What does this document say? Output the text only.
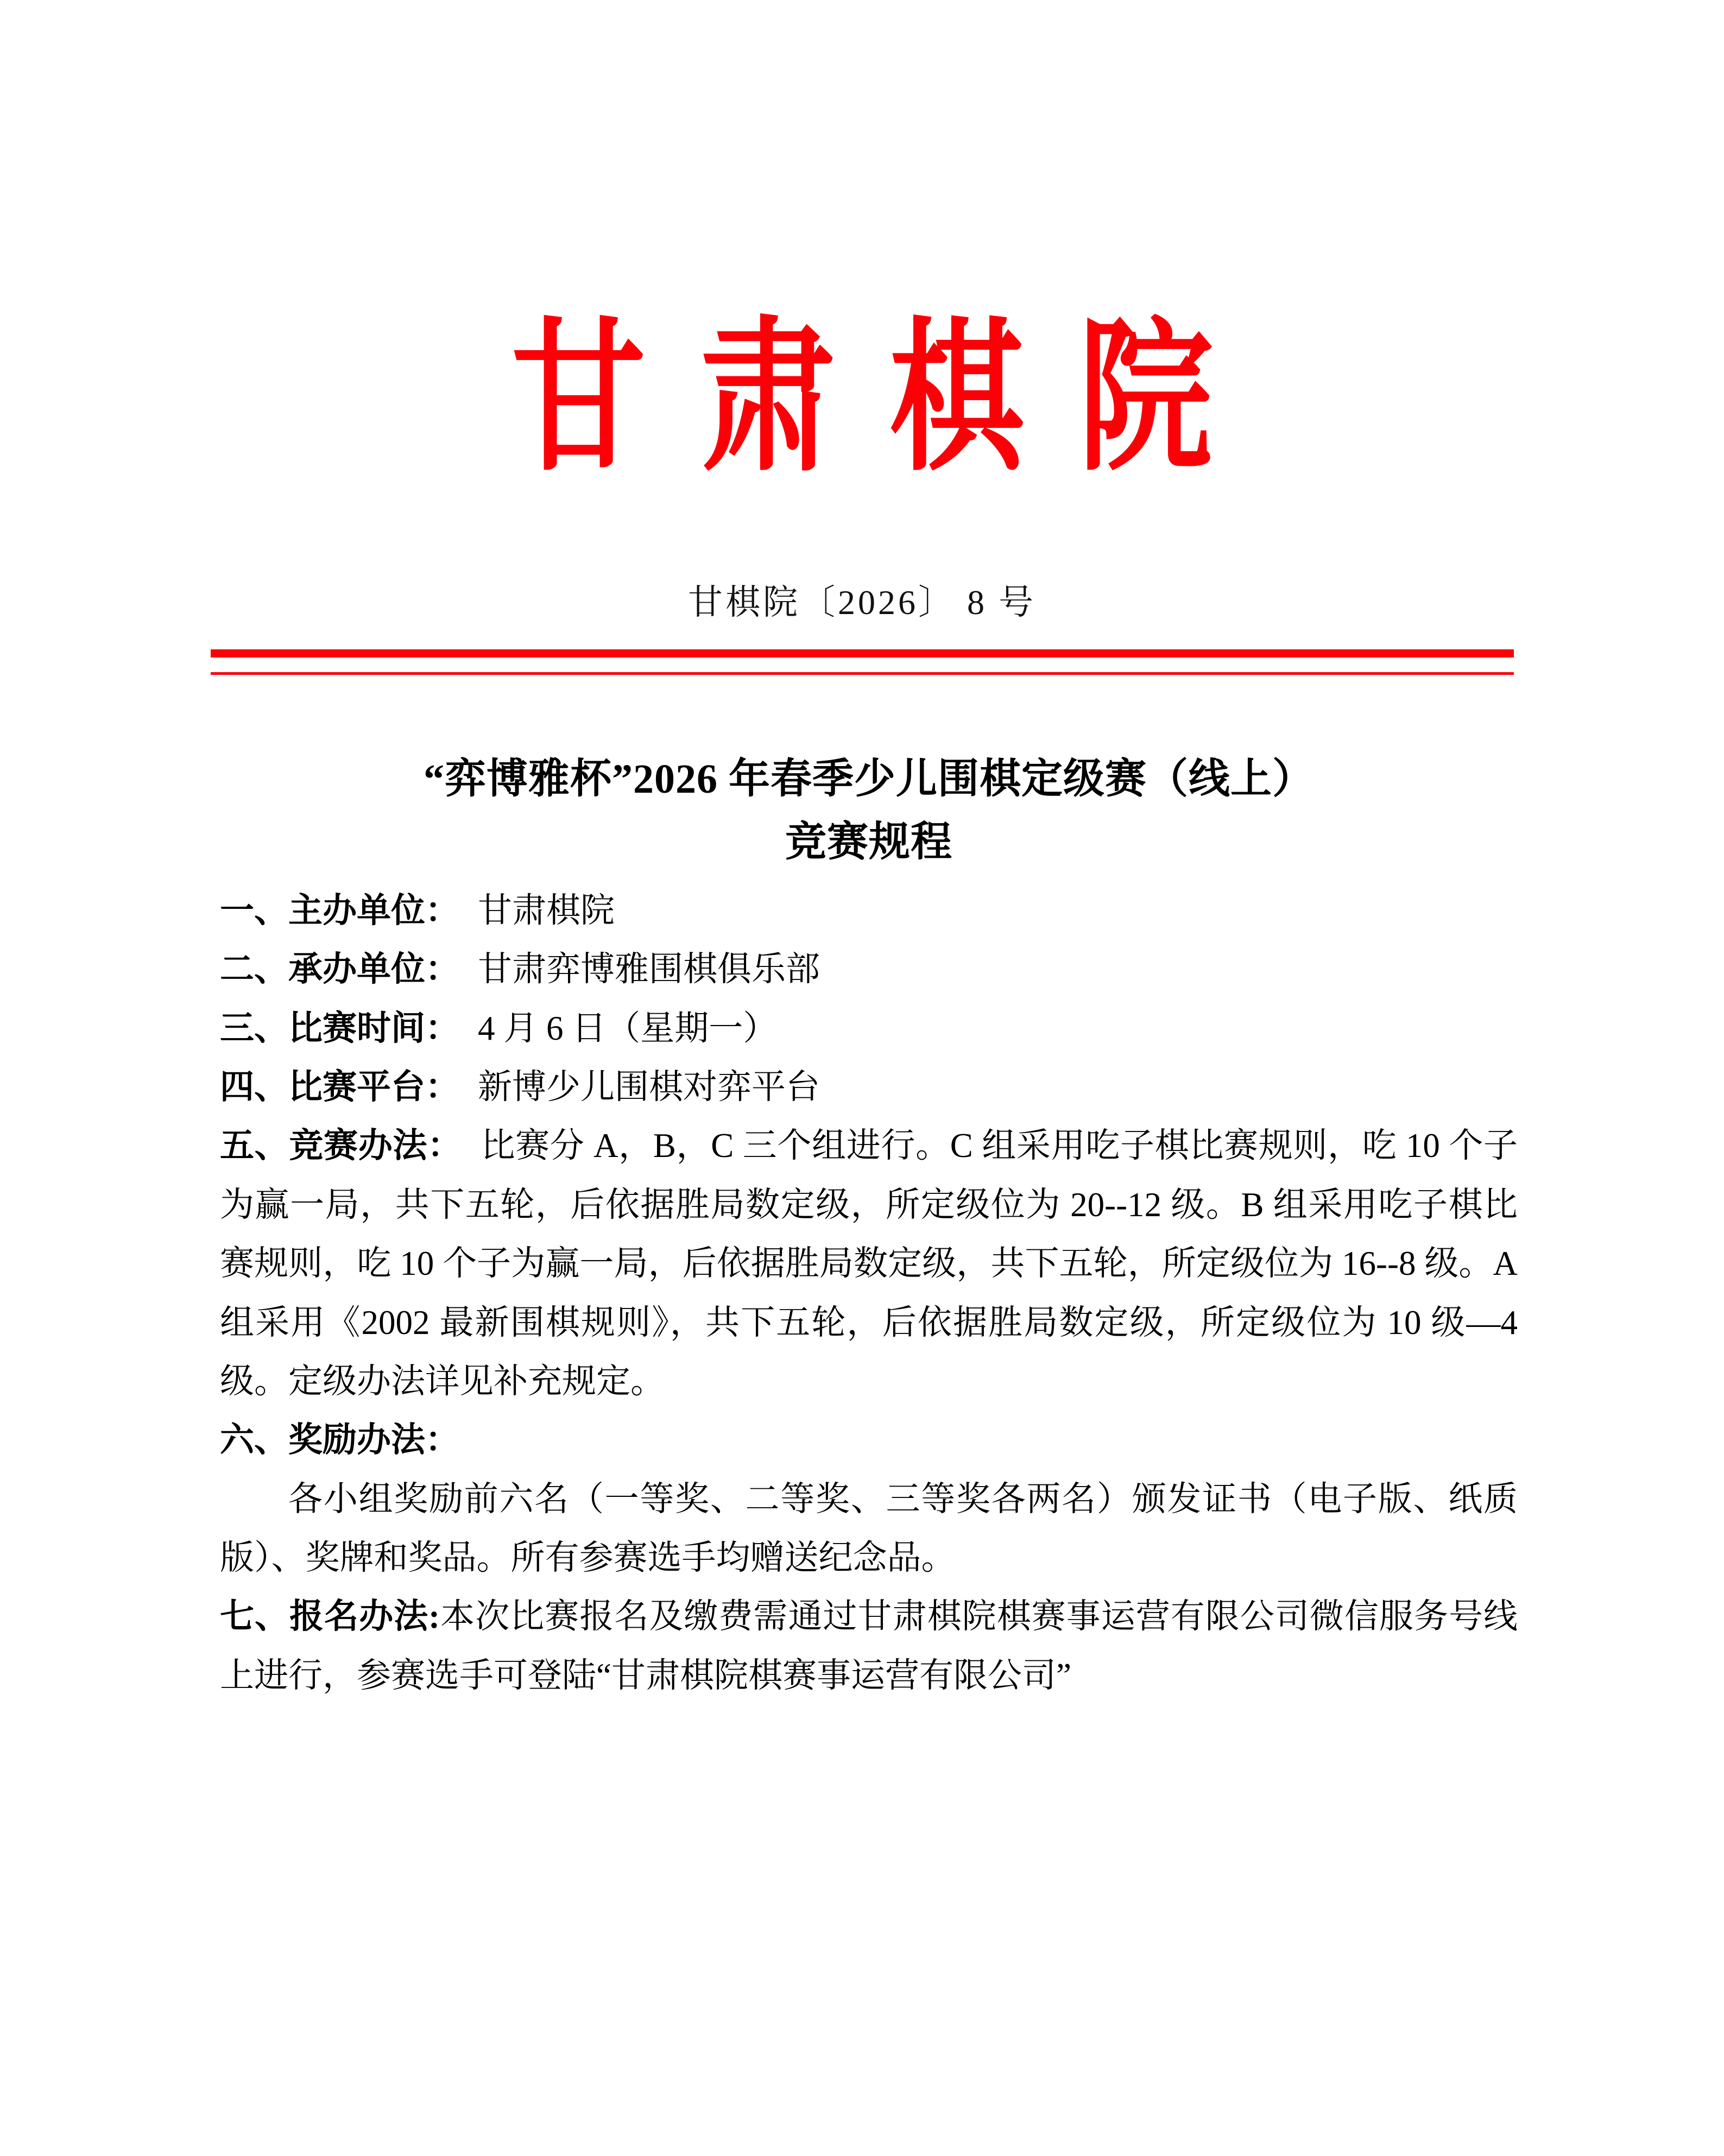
甘肃棋院
甘棋院〔2026〕 8 号
“弈博雅杯”2026 年春季少儿围棋定级赛（线上）
竞赛规程

一、主办单位： 甘肃棋院

二、承办单位： 甘肃弈博雅围棋俱乐部

三、比赛时间： 4 月 6 日（星期一）

四、比赛平台： 新博少儿围棋对弈平台

五、竞赛办法： 比赛分 A，B，C 三个组进行。C 组采用吃子棋比赛规则，吃 10 个子为赢一局，共下五轮，后依据胜局数定级，所定级位为 20--12 级。B 组采用吃子棋比赛规则，吃 10 个子为赢一局，后依据胜局数定级，共下五轮，所定级位为 16--8 级。A 组采用《2002 最新围棋规则》，共下五轮，后依据胜局数定级，所定级位为 10 级—4 级。定级办法详见补充规定。

六、奖励办法：

各小组奖励前六名（一等奖、二等奖、三等奖各两名）颁发证书（电子版、纸质版）、奖牌和奖品。所有参赛选手均赠送纪念品。

七、报名办法:本次比赛报名及缴费需通过甘肃棋院棋赛事运营有限公司微信服务号线上进行，参赛选手可登陆“甘肃棋院棋赛事运营有限公司”
